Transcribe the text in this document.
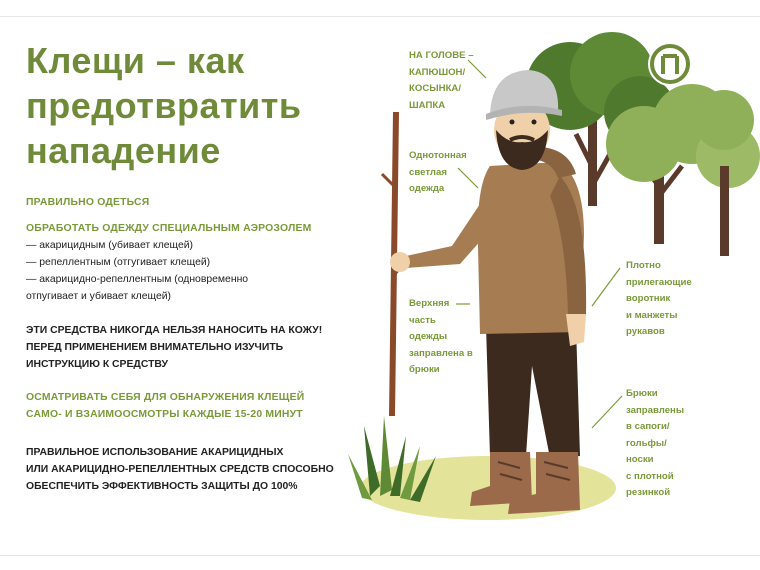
Клещи – как
предотвратить
нападение

ПРАВИЛЬНО ОДЕТЬСЯ

ОБРАБОТАТЬ ОДЕЖДУ СПЕЦИАЛЬНЫМ АЭРОЗОЛЕМ
— акарицидным (убивает клещей)
— репеллентным (отгугивает клещей)
— акарицидно-репеллентным (одновременно
отпугивает и убивает клещей)
ЭТИ СРЕДСТВА НИКОГДА НЕЛЬЗЯ НАНОСИТЬ НА КОЖУ!
ПЕРЕД ПРИМЕНЕНИЕМ ВНИМАТЕЛЬНО ИЗУЧИТЬ
ИНСТРУКЦИЮ К СРЕДСТВУ
ОСМАТРИВАТЬ СЕБЯ ДЛЯ ОБНАРУЖЕНИЯ КЛЕЩЕЙ
САМО- И ВЗАИМООСМОТРЫ КАЖДЫЕ 15-20 МИНУТ
ПРАВИЛЬНОЕ ИСПОЛЬЗОВАНИЕ АКАРИЦИДНЫХ
ИЛИ АКАРИЦИДНО-РЕПЕЛЛЕНТНЫХ СРЕДСТВ СПОСОБНО
ОБЕСПЕЧИТЬ ЭФФЕКТИВНОСТЬ ЗАЩИТЫ ДО 100%
НА ГОЛОВЕ –
КАПЮШОН/
КОСЫНКА/
ШАПКА
Однотонная
светлая
одежда
Верхняя
часть
одежды
заправлена в
брюки
Плотно
прилегающие
воротник
и манжеты
рукавов
Брюки
заправлены
в сапоги/
гольфы/
носки
с плотной
резинкой
